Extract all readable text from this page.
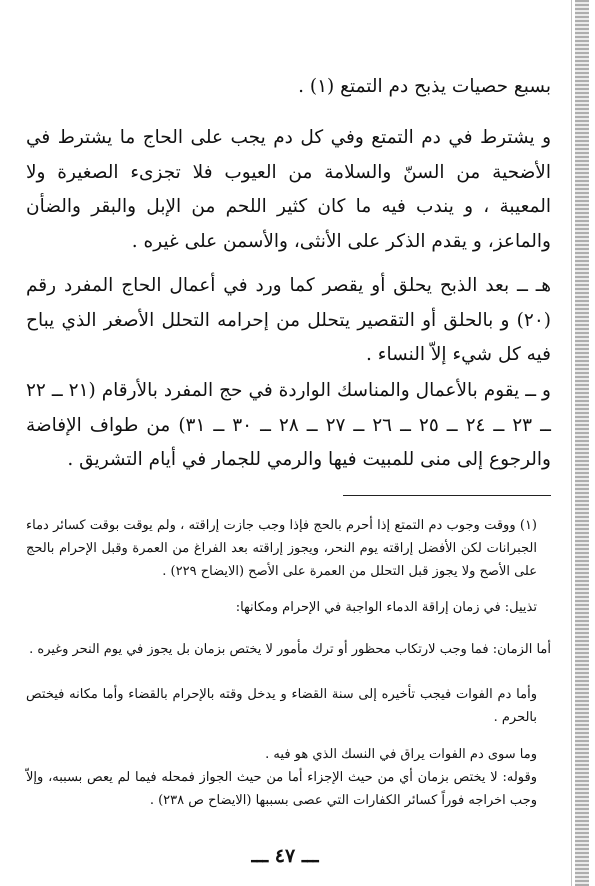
بسبع حصيات يذبح دم التمتع (١) .
و يشترط في دم التمتع وفي كل دم يجب على الحاج ما يشترط في الأضحية من السنّ والسلامة من العيوب فلا تجزىء الصغيرة ولا المعيبة ، و يندب فيه ما كان كثير اللحم من الإبل والبقر والضأن والماعز، و يقدم الذكر على الأنثى، والأسمن على غيره .
هـ ــ بعد الذبح يحلق أو يقصر كما ورد في أعمال الحاج المفرد رقم (٢٠) و بالحلق أو التقصير يتحلل من إحرامه التحلل الأصغر الذي يباح فيه كل شيء إلاّ النساء .
و ــ يقوم بالأعمال والمناسك الواردة في حج المفرد بالأرقام (٢١ ــ ٢٢ ــ ٢٣ ــ ٢٤ ــ ٢٥ ــ ٢٦ ــ ٢٧ ــ ٢٨ ــ ٣٠ ــ ٣١) من طواف الإفاضة والرجوع إلى منى للمبيت فيها والرمي للجمار في أيام التشريق .
(١) ووقت وجوب دم التمتع إذا أحرم بالحج فإذا وجب جازت إراقته ، ولم يوقت بوقت كسائر دماء الجبرانات لكن الأفضل إراقته يوم النحر، ويجوز إراقته بعد الفراغ من العمرة وقبل الإحرام بالحج على الأصح ولا يجوز قبل التحلل من العمرة على الأصح (الايضاح ٢٢٩) .
تذييل: في زمان إراقة الدماء الواجبة في الإحرام ومكانها:
أما الزمان: فما وجب لارتكاب محظور أو ترك مأمور لا يختص بزمان بل يجوز في يوم النحر وغيره .
وأما دم الفوات فيجب تأخيره إلى سنة القضاء و يدخل وقته بالإحرام بالقضاء وأما مكانه فيختص بالحرم .
وما سوى دم الفوات يراق في النسك الذي هو فيه .
وقوله: لا يختص بزمان أي من حيث الإجزاء أما من حيث الجواز فمحله فيما لم يعص بسببه، وإلاّ وجب اخراجه فوراً كسائر الكفارات التي عصى بسببها (الايضاح ص ٢٣٨) .
ـــ ٤٧ ـــ
